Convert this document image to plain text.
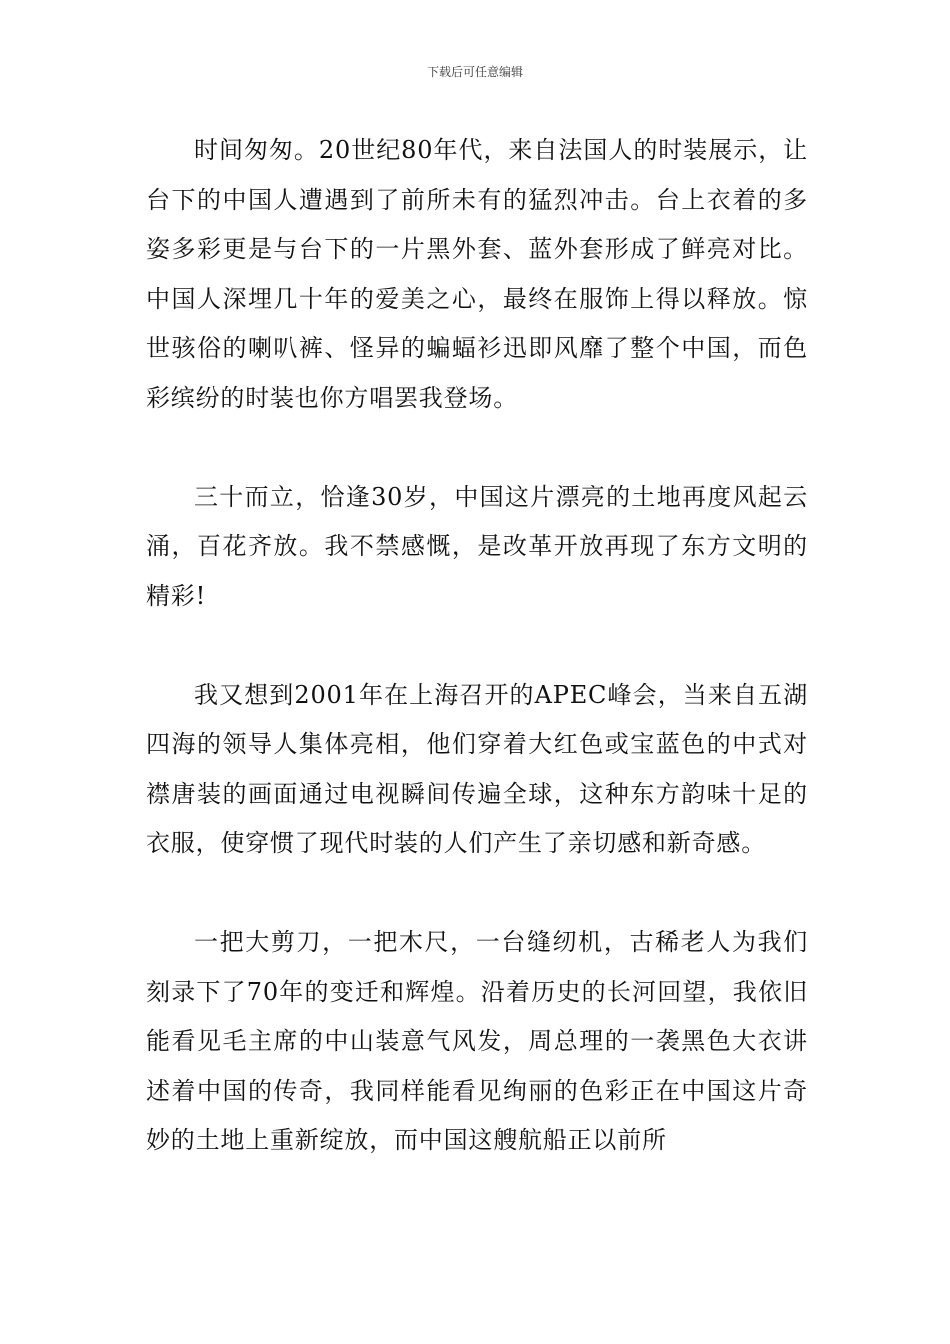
下载后可任意编辑

时间匆匆。20世纪80年代，来自法国人的时装展示，让台下的中国人遭遇到了前所未有的猛烈冲击。台上衣着的多姿多彩更是与台下的一片黑外套、蓝外套形成了鲜亮对比。中国人深埋几十年的爱美之心，最终在服饰上得以释放。惊世骇俗的喇叭裤、怪异的蝙蝠衫迅即风靡了整个中国，而色彩缤纷的时装也你方唱罢我登场。

三十而立，恰逢30岁，中国这片漂亮的土地再度风起云涌，百花齐放。我不禁感慨，是改革开放再现了东方文明的精彩!

我又想到2001年在上海召开的APEC峰会，当来自五湖四海的领导人集体亮相，他们穿着大红色或宝蓝色的中式对襟唐装的画面通过电视瞬间传遍全球，这种东方韵味十足的衣服，使穿惯了现代时装的人们产生了亲切感和新奇感。

一把大剪刀，一把木尺，一台缝纫机，古稀老人为我们刻录下了70年的变迁和辉煌。沿着历史的长河回望，我依旧能看见毛主席的中山装意气风发，周总理的一袭黑色大衣讲述着中国的传奇，我同样能看见绚丽的色彩正在中国这片奇妙的土地上重新绽放，而中国这艘航船正以前所
